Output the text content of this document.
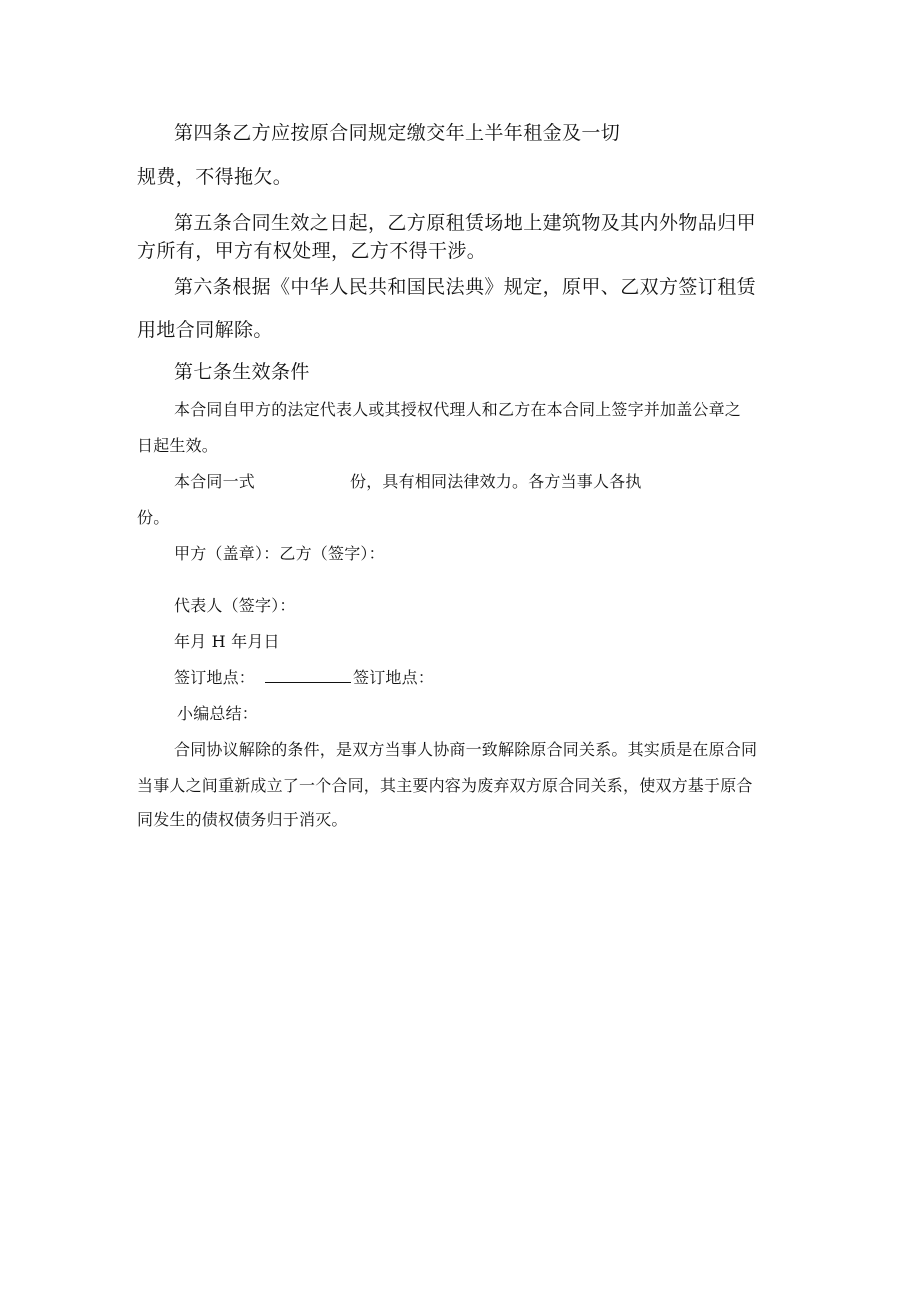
第四条乙方应按原合同规定缴交年上半年租金及一切

规费，不得拖欠。

第五条合同生效之日起，乙方原租赁场地上建筑物及其内外物品归甲

方所有，甲方有权处理，乙方不得干涉。

第六条根据《中华人民共和国民法典》规定，原甲、乙双方签订租赁

用地合同解除。

第七条生效条件

本合同自甲方的法定代表人或其授权代理人和乙方在本合同上签字并加盖公章之

日起生效。

本合同一式	份，具有相同法律效力。各方当事人各执

份。

甲方（盖章）：乙方（签字）：

代表人（签字）：

年月 H 年月日

签订地点：	签订地点：

小编总结：

合同协议解除的条件，是双方当事人协商一致解除原合同关系。其实质是在原合同

当事人之间重新成立了一个合同，其主要内容为废弃双方原合同关系，使双方基于原合

同发生的债权债务归于消灭。
